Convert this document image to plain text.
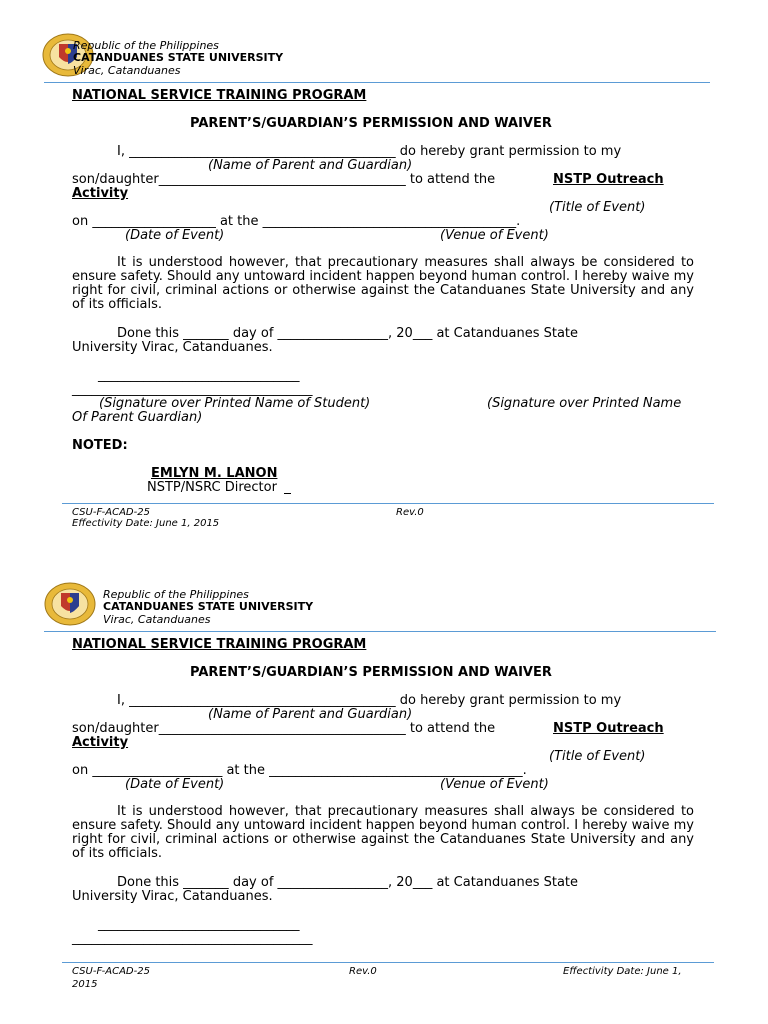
Republic of the Philippines
CATANDUANES STATE UNIVERSITY
Virac, Catanduanes
NATIONAL SERVICE TRAINING PROGRAM
PARENT’S/GUARDIAN’S PERMISSION AND WAIVER
I, _________________________________________ do hereby grant permission to my
(Name of Parent and Guardian)
son/daughter______________________________________ to attend the	NSTP Outreach
Activity
(Title of Event)
on ___________________ at the _______________________________________.
(Date of Event)	(Venue of Event)
It is understood however, that precautionary measures shall always be considered to ensure safety. Should any untoward incident happen beyond human control. I hereby waive my right for civil, criminal actions or otherwise against the Catanduanes State University and any of its officials.
Done this _______ day of _________________, 20___ at Catanduanes State
University Virac, Catanduanes.
_______________________________
_____________________________________
(Signature over Printed Name of Student)	(Signature over Printed Name
Of Parent Guardian)
NOTED:
EMLYN M. LANON
NSTP/NSRC Director
CSU-F-ACAD-25	Rev.0
Effectivity Date: June 1, 2015
Republic of the Philippines
CATANDUANES STATE UNIVERSITY
Virac, Catanduanes
NATIONAL SERVICE TRAINING PROGRAM
PARENT’S/GUARDIAN’S PERMISSION AND WAIVER
I, _________________________________________ do hereby grant permission to my
(Name of Parent and Guardian)
son/daughter______________________________________ to attend the	NSTP Outreach
Activity
(Title of Event)
on ____________________ at the _______________________________________.
(Date of Event)	(Venue of Event)
It is understood however, that precautionary measures shall always be considered to ensure safety. Should any untoward incident happen beyond human control. I hereby waive my right for civil, criminal actions or otherwise against the Catanduanes State University and any of its officials.
Done this _______ day of _________________, 20___ at Catanduanes State
University Virac, Catanduanes.
_______________________________
_____________________________________
CSU-F-ACAD-25	Rev.0	Effectivity Date: June 1,
2015
